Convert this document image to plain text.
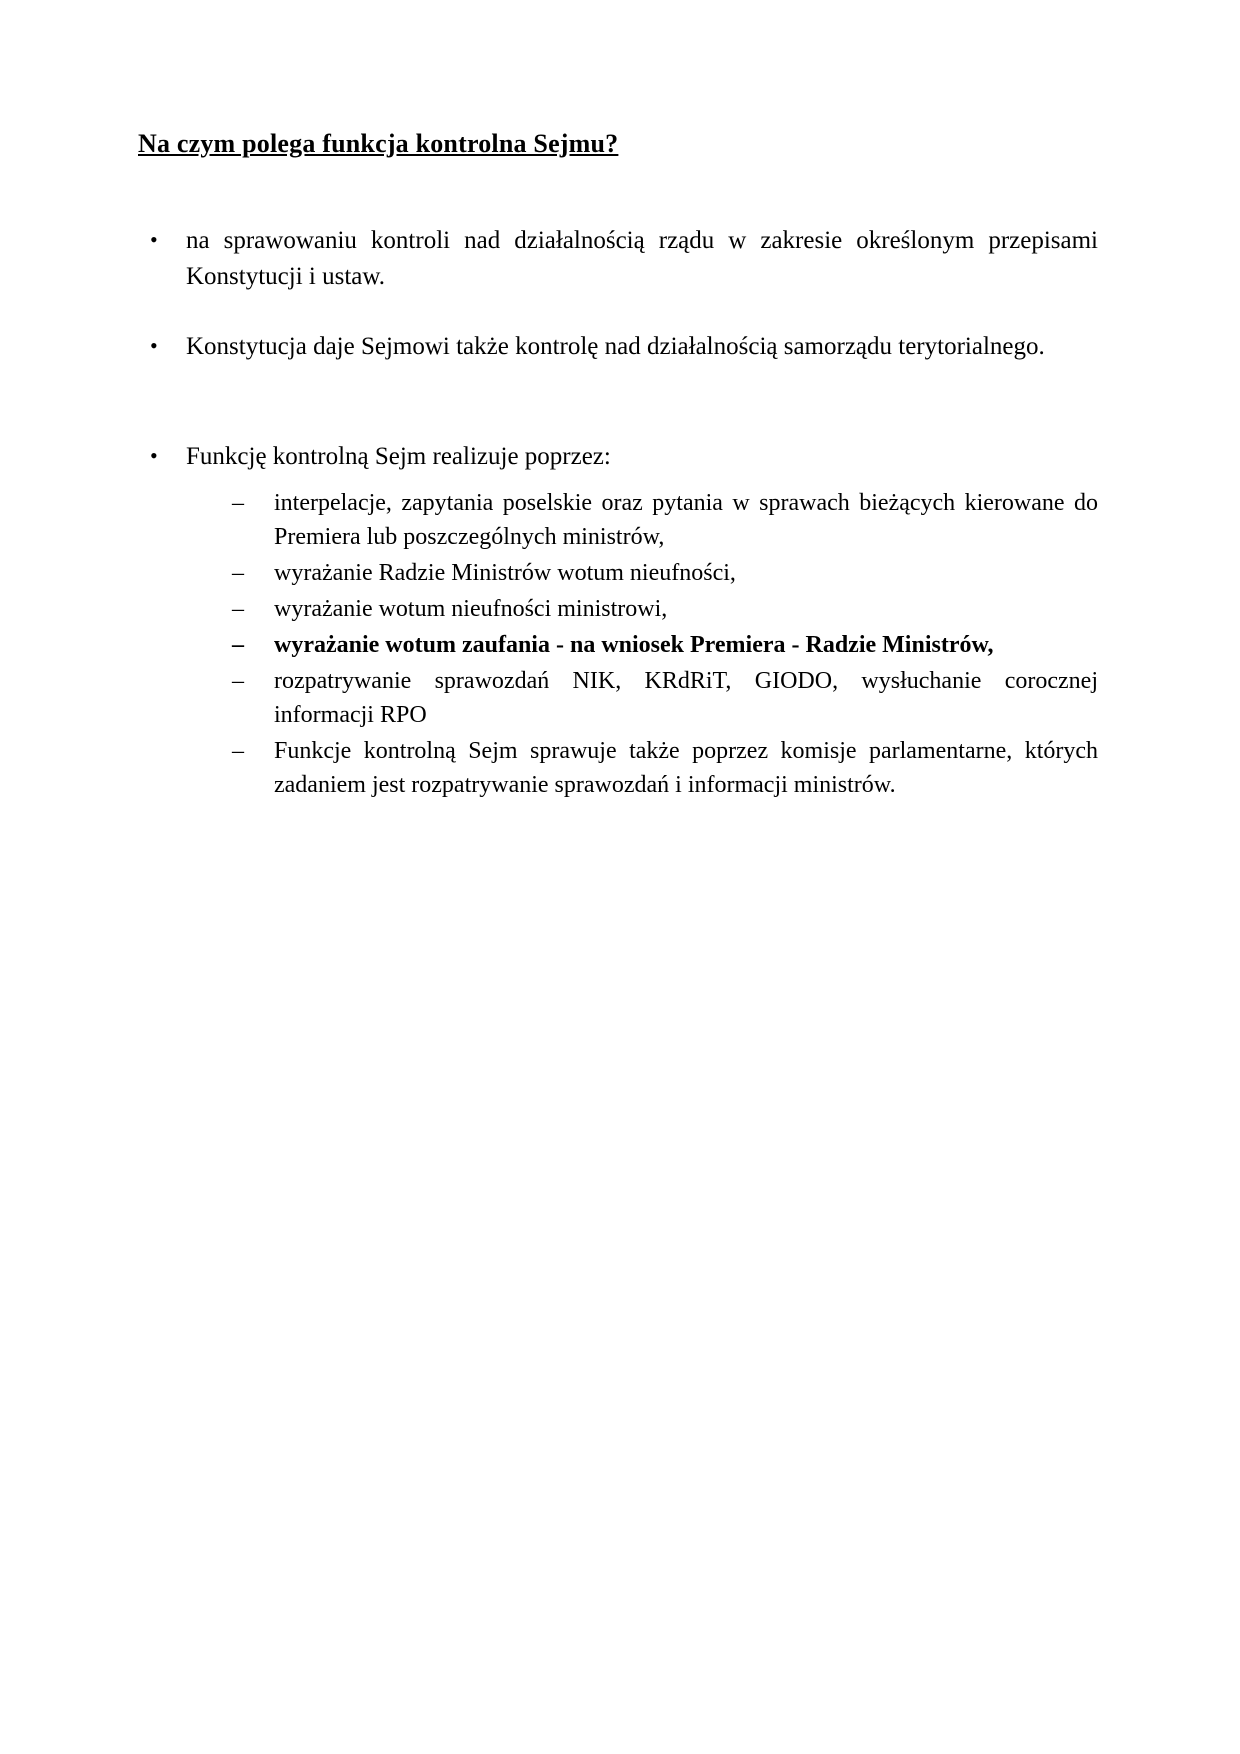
Na czym polega funkcja kontrolna Sejmu?
• na sprawowaniu kontroli nad działalnością rządu w zakresie określonym przepisami Konstytucji i ustaw.
• Konstytucja daje Sejmowi także kontrolę nad działalnością samorządu terytorialnego.
• Funkcję kontrolną Sejm realizuje poprzez:
– interpelacje, zapytania poselskie oraz pytania w sprawach bieżących kierowane do Premiera lub poszczególnych ministrów,
– wyrażanie Radzie Ministrów wotum nieufności,
– wyrażanie wotum nieufności ministrowi,
– wyrażanie wotum zaufania - na wniosek Premiera - Radzie Ministrów,
– rozpatrywanie sprawozdań NIK, KRdRiT, GIODO, wysłuchanie corocznej informacji RPO
– Funkcje kontrolną Sejm sprawuje także poprzez komisje parlamentarne, których zadaniem jest rozpatrywanie sprawozdań i informacji ministrów.
